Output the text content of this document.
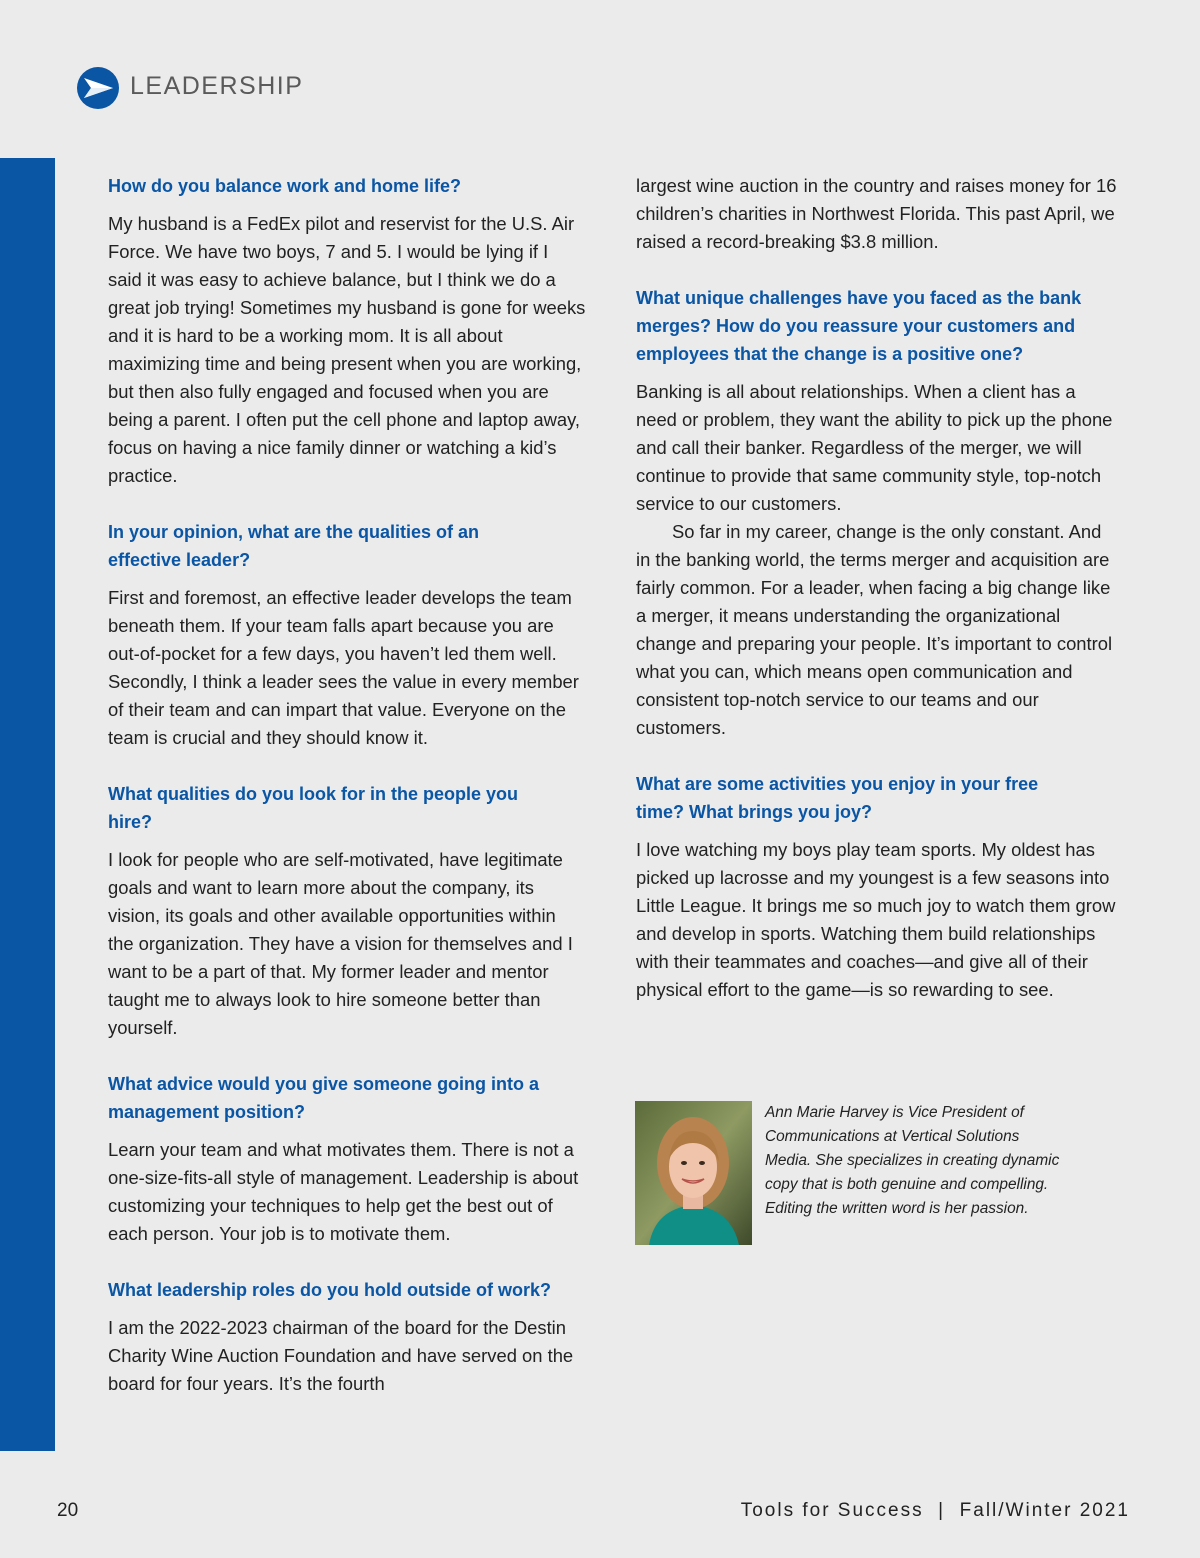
LEADERSHIP
How do you balance work and home life?
My husband is a FedEx pilot and reservist for the U.S. Air Force. We have two boys, 7 and 5. I would be lying if I said it was easy to achieve balance, but I think we do a great job trying! Sometimes my husband is gone for weeks and it is hard to be a working mom. It is all about maximizing time and being present when you are working, but then also fully engaged and focused when you are being a parent. I often put the cell phone and laptop away, focus on having a nice family dinner or watching a kid’s practice.
In your opinion, what are the qualities of an effective leader?
First and foremost, an effective leader develops the team beneath them. If your team falls apart because you are out-of-pocket for a few days, you haven’t led them well. Secondly, I think a leader sees the value in every member of their team and can impart that value. Everyone on the team is crucial and they should know it.
What qualities do you look for in the people you hire?
I look for people who are self-motivated, have legitimate goals and want to learn more about the company, its vision, its goals and other available opportunities within the organization. They have a vision for themselves and I want to be a part of that. My former leader and mentor taught me to always look to hire someone better than yourself.
What advice would you give someone going into a management position?
Learn your team and what motivates them. There is not a one-size-fits-all style of management. Leadership is about customizing your techniques to help get the best out of each person. Your job is to motivate them.
What leadership roles do you hold outside of work?
I am the 2022-2023 chairman of the board for the Destin Charity Wine Auction Foundation and have served on the board for four years. It’s the fourth
largest wine auction in the country and raises money for 16 children’s charities in Northwest Florida. This past April, we raised a record-breaking $3.8 million.
What unique challenges have you faced as the bank merges? How do you reassure your customers and employees that the change is a positive one?
Banking is all about relationships. When a client has a need or problem, they want the ability to pick up the phone and call their banker. Regardless of the merger, we will continue to provide that same community style, top-notch service to our customers.
So far in my career, change is the only constant. And in the banking world, the terms merger and acquisition are fairly common. For a leader, when facing a big change like a merger, it means understanding the organizational change and preparing your people. It’s important to control what you can, which means open communication and consistent top-notch service to our teams and our customers.
What are some activities you enjoy in your free time? What brings you joy?
I love watching my boys play team sports. My oldest has picked up lacrosse and my youngest is a few seasons into Little League. It brings me so much joy to watch them grow and develop in sports. Watching them build relationships with their teammates and coaches—and give all of their physical effort to the game—is so rewarding to see.
Ann Marie Harvey is Vice President of Communications at Vertical Solutions Media. She specializes in creating dynamic copy that is both genuine and compelling. Editing the written word is her passion.
20	Tools for Success  |  Fall/Winter 2021
